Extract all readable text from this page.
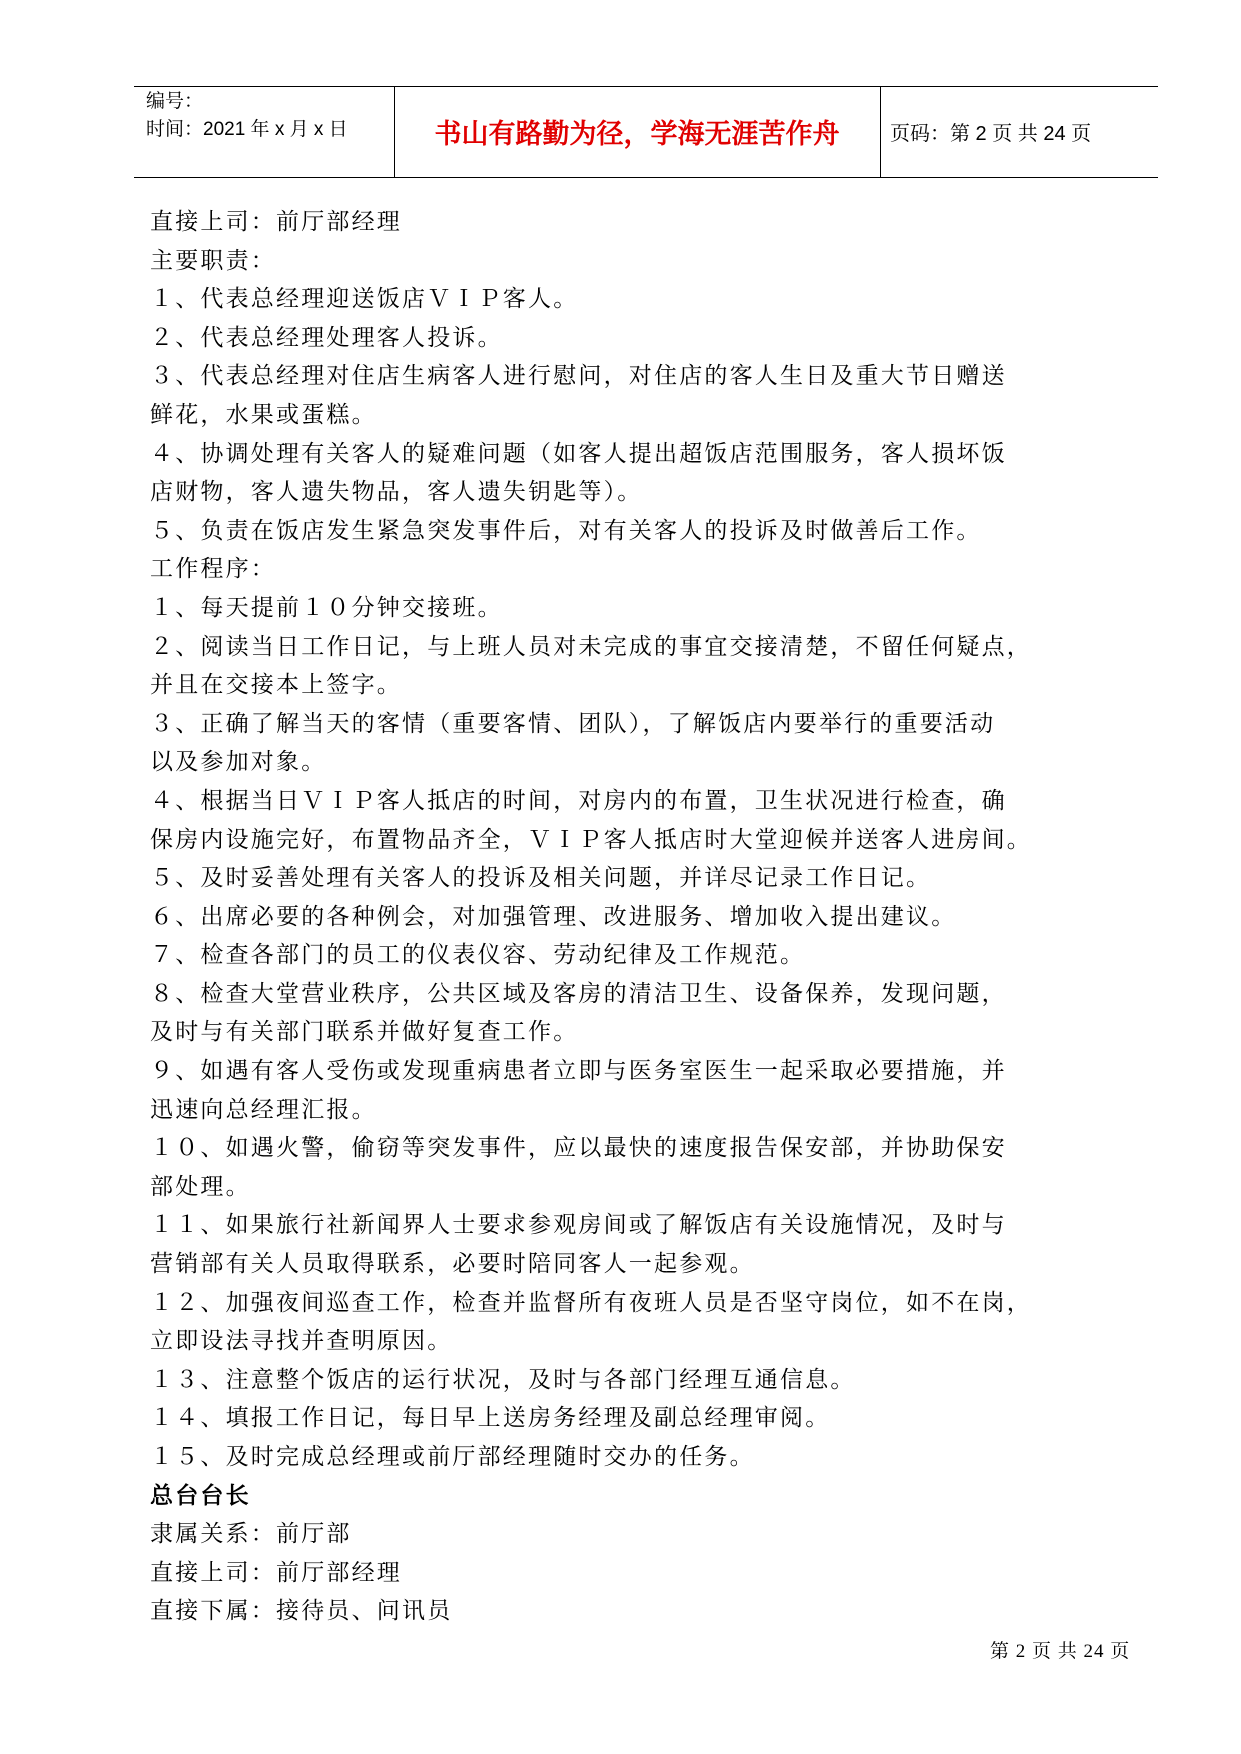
编号：
时间：2021 年 x 月 x 日	书山有路勤为径，学海无涯苦作舟	页码：第 2 页 共 24 页
直接上司：前厅部经理
主要职责：
１、代表总经理迎送饭店ＶＩＰ客人。
２、代表总经理处理客人投诉。
３、代表总经理对住店生病客人进行慰问，对住店的客人生日及重大节日赠送
鲜花，水果或蛋糕。
４、协调处理有关客人的疑难问题（如客人提出超饭店范围服务，客人损坏饭
店财物，客人遗失物品，客人遗失钥匙等）。
５、负责在饭店发生紧急突发事件后，对有关客人的投诉及时做善后工作。
工作程序：
１、每天提前１０分钟交接班。
２、阅读当日工作日记，与上班人员对未完成的事宜交接清楚，不留任何疑点，
并且在交接本上签字。
３、正确了解当天的客情（重要客情、团队），了解饭店内要举行的重要活动
以及参加对象。
４、根据当日ＶＩＰ客人抵店的时间，对房内的布置，卫生状况进行检查，确
保房内设施完好，布置物品齐全，ＶＩＰ客人抵店时大堂迎候并送客人进房间。
５、及时妥善处理有关客人的投诉及相关问题，并详尽记录工作日记。
６、出席必要的各种例会，对加强管理、改进服务、增加收入提出建议。
７、检查各部门的员工的仪表仪容、劳动纪律及工作规范。
８、检查大堂营业秩序，公共区域及客房的清洁卫生、设备保养，发现问题，
及时与有关部门联系并做好复查工作。
９、如遇有客人受伤或发现重病患者立即与医务室医生一起采取必要措施，并
迅速向总经理汇报。
１０、如遇火警，偷窃等突发事件，应以最快的速度报告保安部，并协助保安
部处理。
１１、如果旅行社新闻界人士要求参观房间或了解饭店有关设施情况，及时与
营销部有关人员取得联系，必要时陪同客人一起参观。
１２、加强夜间巡查工作，检查并监督所有夜班人员是否坚守岗位，如不在岗，
立即设法寻找并查明原因。
１３、注意整个饭店的运行状况，及时与各部门经理互通信息。
１４、填报工作日记，每日早上送房务经理及副总经理审阅。
１５、及时完成总经理或前厅部经理随时交办的任务。
总台台长
隶属关系：前厅部
直接上司：前厅部经理
直接下属：接待员、问讯员
第 2 页 共 24 页
